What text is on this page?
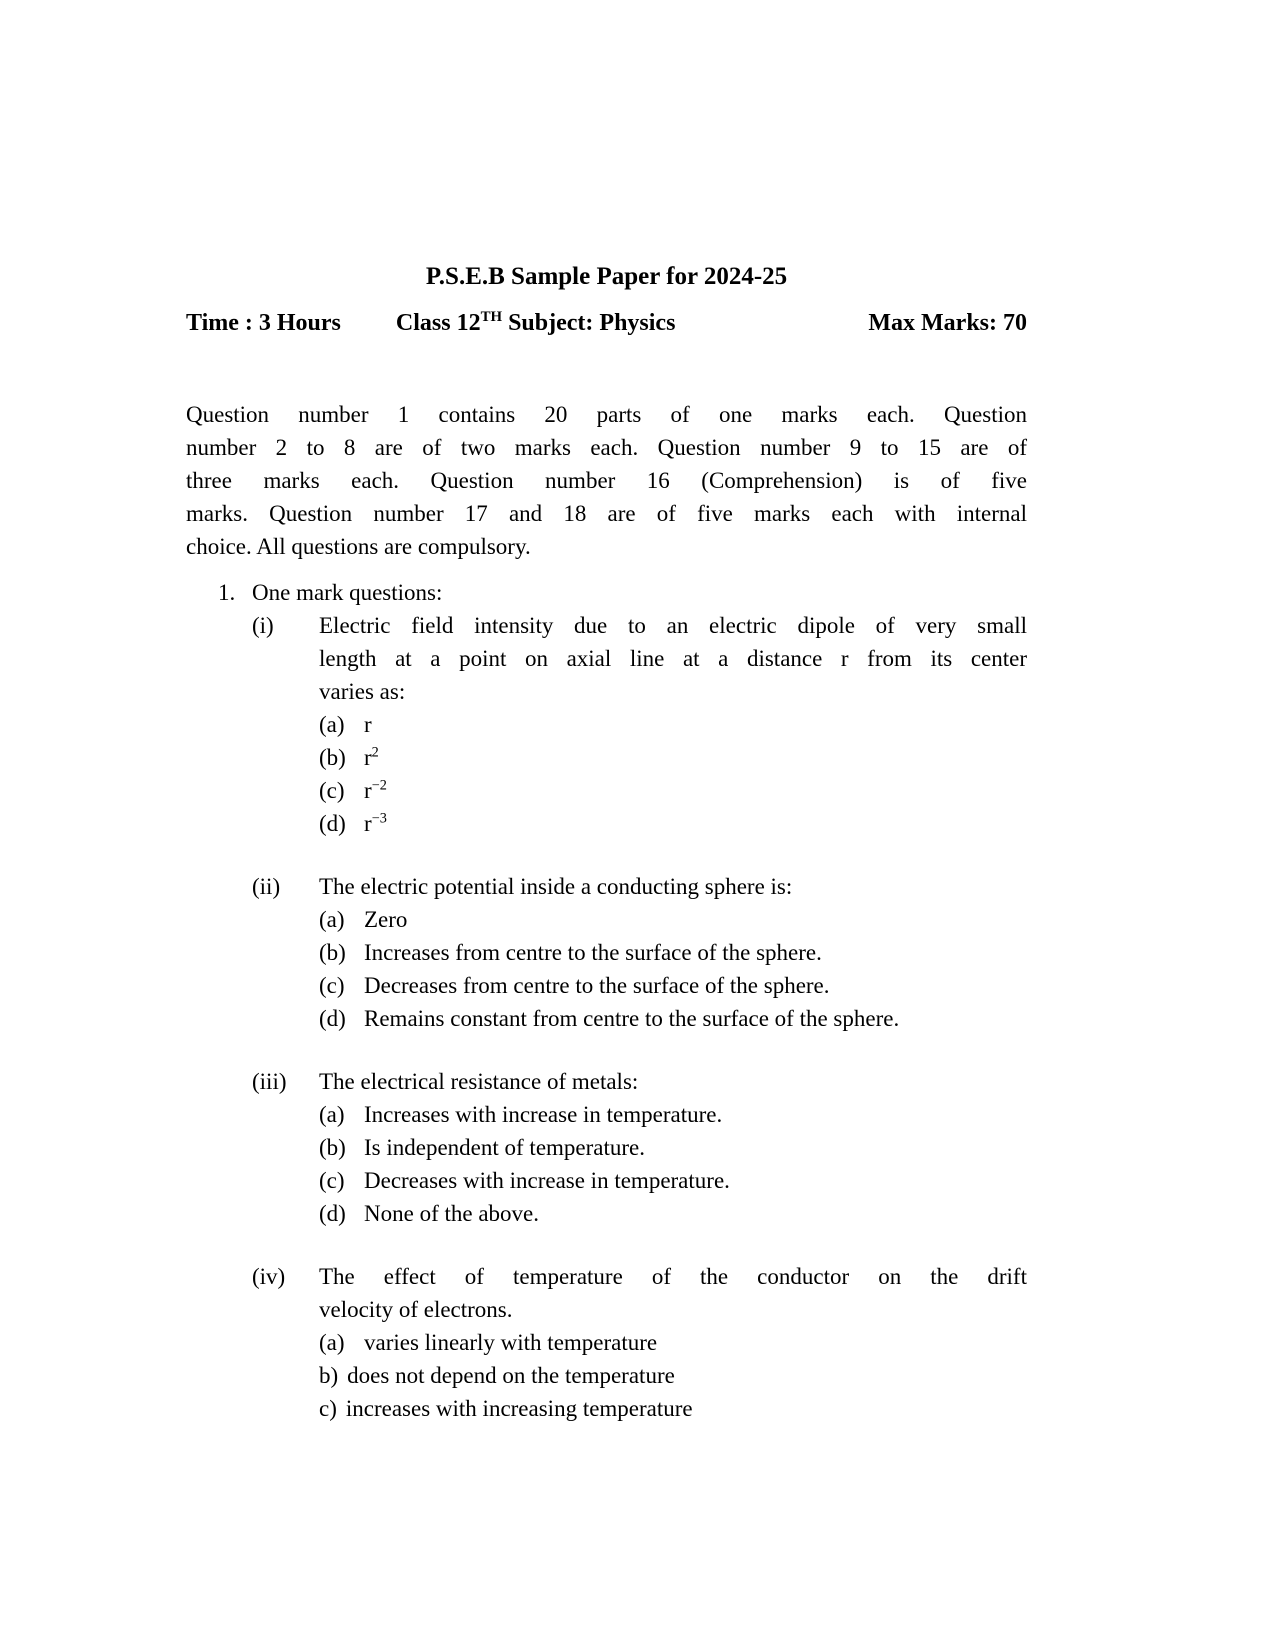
P.S.E.B Sample Paper for 2024-25
Time : 3 Hours Class 12TH Subject: Physics	Max Marks: 70
Question number 1 contains 20 parts of one marks each. Question
number 2 to 8 are of two marks each. Question number 9 to 15 are of
three marks each. Question number 16 (Comprehension) is of five
marks. Question number 17 and 18 are of five marks each with internal
choice. All questions are compulsory.
1. One mark questions:
(i)	Electric field intensity due to an electric dipole of very small
length at a point on axial line at a distance r from its center
varies as:
(a) r
(b) $r^2$
(c) $r^{-2}$
(d) $r^{-3}$
(ii)	The electric potential inside a conducting sphere is:
(a) Zero
(b) Increases from centre to the surface of the sphere.
(c) Decreases from centre to the surface of the sphere.
(d) Remains constant from centre to the surface of the sphere.
(iii)	The electrical resistance of metals:
(a) Increases with increase in temperature.
(b) Is independent of temperature.
(c) Decreases with increase in temperature.
(d) None of the above.
(iv)	The effect of temperature of the conductor on the drift
velocity of electrons.
(a) varies linearly with temperature
b) does not depend on the temperature
c) increases with increasing temperature
